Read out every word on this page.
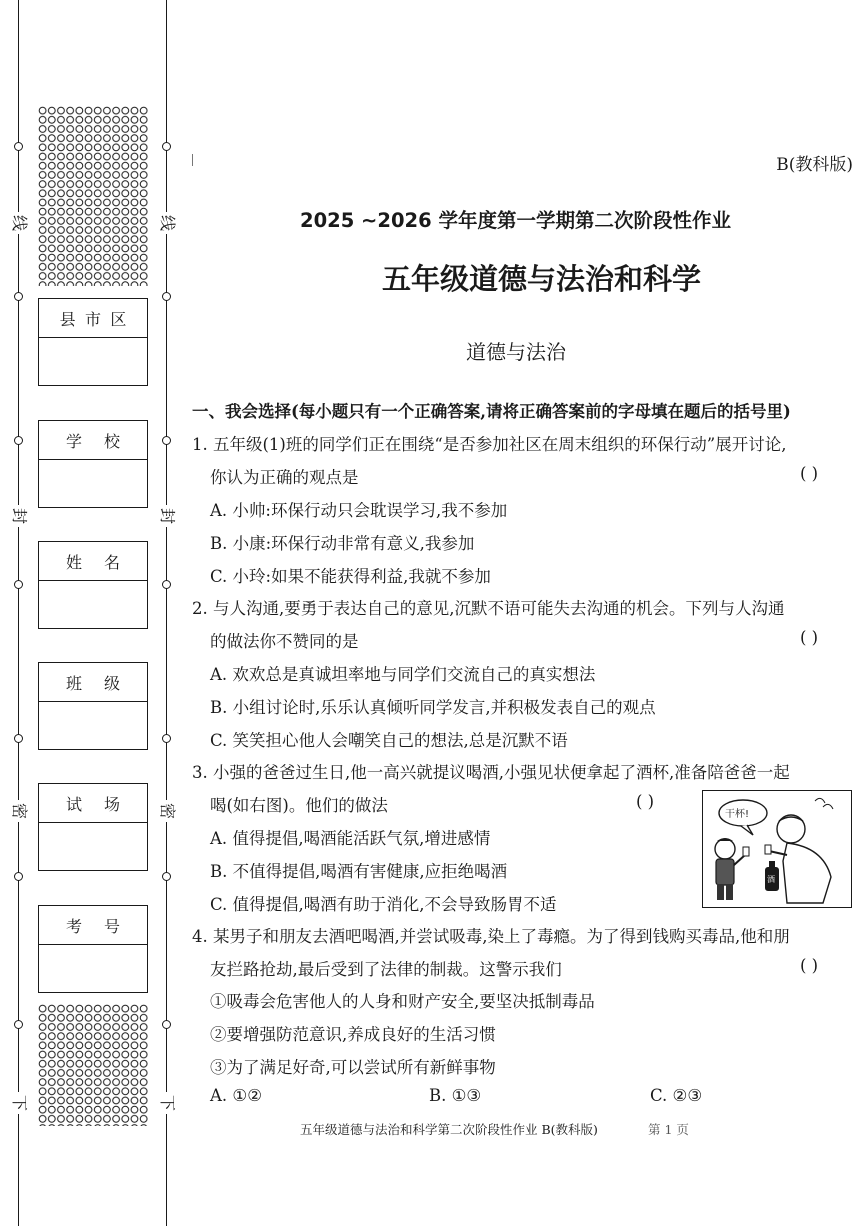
线	线
封	封
密	密
下	下
县 市 区
学 校
姓 名
班 级
试 场
考 号
B(教科版)
2025 ~2026 学年度第一学期第二次阶段性作业
五年级道德与法治和科学
道德与法治
一、我会选择(每小题只有一个正确答案,请将正确答案前的字母填在题后的括号里)
1. 五年级(1)班的同学们正在围绕“是否参加社区在周末组织的环保行动”展开讨论,
你认为正确的观点是	( )
A. 小帅:环保行动只会耽误学习,我不参加
B. 小康:环保行动非常有意义,我参加
C. 小玲:如果不能获得利益,我就不参加
2. 与人沟通,要勇于表达自己的意见,沉默不语可能失去沟通的机会。下列与人沟通
的做法你不赞同的是	( )
A. 欢欢总是真诚坦率地与同学们交流自己的真实想法
B. 小组讨论时,乐乐认真倾听同学发言,并积极发表自己的观点
C. 笑笑担心他人会嘲笑自己的想法,总是沉默不语
3. 小强的爸爸过生日,他一高兴就提议喝酒,小强见状便拿起了酒杯,准备陪爸爸一起
喝(如右图)。他们的做法	( )
A. 值得提倡,喝酒能活跃气氛,增进感情
B. 不值得提倡,喝酒有害健康,应拒绝喝酒
C. 值得提倡,喝酒有助于消化,不会导致肠胃不适
干杯!
酒
4. 某男子和朋友去酒吧喝酒,并尝试吸毒,染上了毒瘾。为了得到钱购买毒品,他和朋
友拦路抢劫,最后受到了法律的制裁。这警示我们	( )
①吸毒会危害他人的人身和财产安全,要坚决抵制毒品
②要增强防范意识,养成良好的生活习惯
③为了满足好奇,可以尝试所有新鲜事物
A. ①②	B. ①③	C. ②③
五年级道德与法治和科学第二次阶段性作业 B(教科版)	第 1 页
